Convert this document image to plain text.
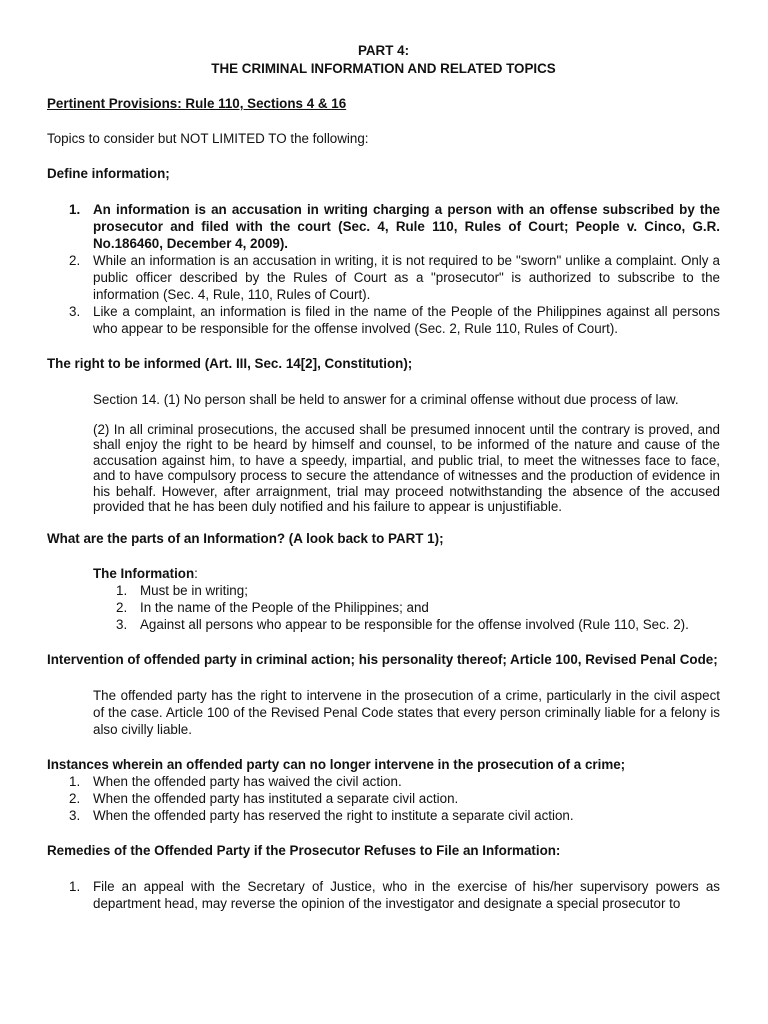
PART 4:

THE CRIMINAL INFORMATION AND RELATED TOPICS

Pertinent Provisions: Rule 110, Sections 4 & 16

Topics to consider but NOT LIMITED TO the following:

Define information;

1. An information is an accusation in writing charging a person with an offense subscribed by the prosecutor and filed with the court (Sec. 4, Rule 110, Rules of Court; People v. Cinco, G.R. No.186460, December 4, 2009).
2. While an information is an accusation in writing, it is not required to be "sworn" unlike a complaint. Only a public officer described by the Rules of Court as a "prosecutor" is authorized to subscribe to the information (Sec. 4, Rule, 110, Rules of Court).
3. Like a complaint, an information is filed in the name of the People of the Philippines against all persons who appear to be responsible for the offense involved (Sec. 2, Rule 110, Rules of Court).

The right to be informed (Art. III, Sec. 14[2], Constitution);

Section 14. (1) No person shall be held to answer for a criminal offense without due process of law.

(2) In all criminal prosecutions, the accused shall be presumed innocent until the contrary is proved, and shall enjoy the right to be heard by himself and counsel, to be informed of the nature and cause of the accusation against him, to have a speedy, impartial, and public trial, to meet the witnesses face to face, and to have compulsory process to secure the attendance of witnesses and the production of evidence in his behalf. However, after arraignment, trial may proceed notwithstanding the absence of the accused provided that he has been duly notified and his failure to appear is unjustifiable.

What are the parts of an Information? (A look back to PART 1);

The Information:

1. Must be in writing;
2. In the name of the People of the Philippines; and
3. Against all persons who appear to be responsible for the offense involved (Rule 110, Sec. 2).

Intervention of offended party in criminal action; his personality thereof; Article 100, Revised Penal Code;

The offended party has the right to intervene in the prosecution of a crime, particularly in the civil aspect of the case. Article 100 of the Revised Penal Code states that every person criminally liable for a felony is also civilly liable.

Instances wherein an offended party can no longer intervene in the prosecution of a crime;

1. When the offended party has waived the civil action.
2. When the offended party has instituted a separate civil action.
3. When the offended party has reserved the right to institute a separate civil action.

Remedies of the Offended Party if the Prosecutor Refuses to File an Information:

1. File an appeal with the Secretary of Justice, who in the exercise of his/her supervisory powers as department head, may reverse the opinion of the investigator and designate a special prosecutor to
